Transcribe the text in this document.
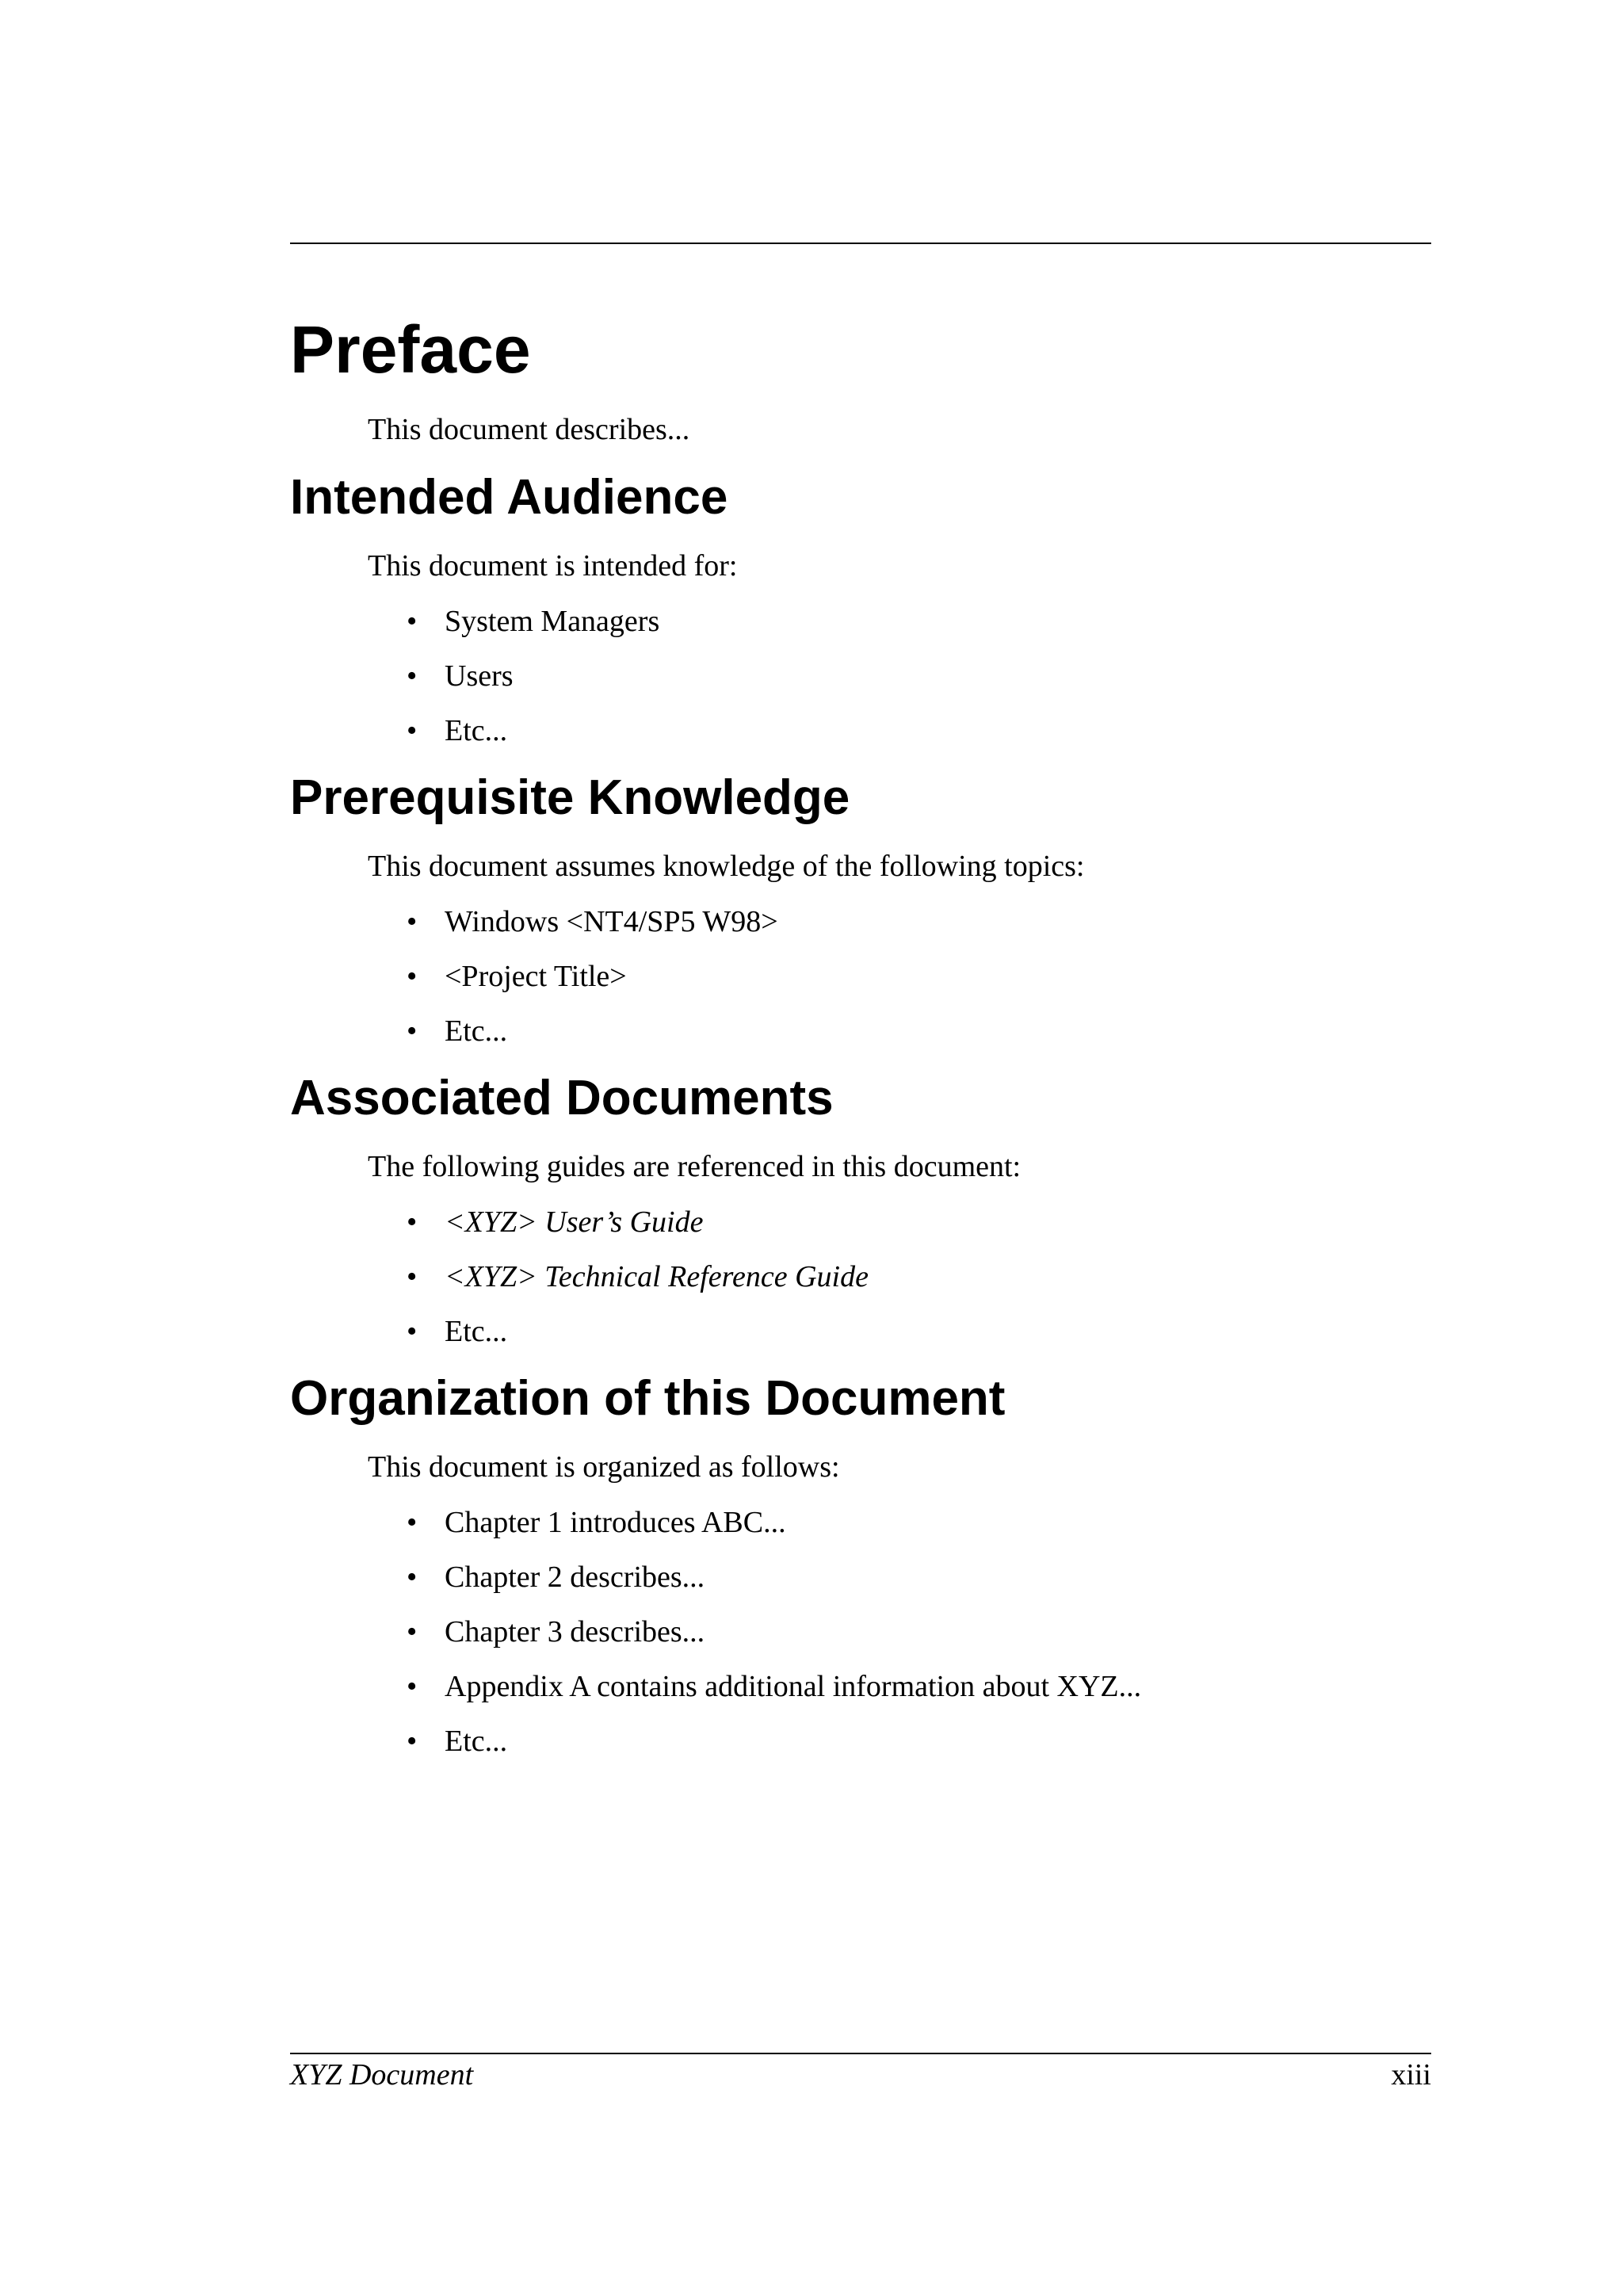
Preface

This document describes...

Intended Audience

This document is intended for:

• System Managers
• Users
• Etc...
Prerequisite Knowledge

This document assumes knowledge of the following topics:

• Windows <NT4/SP5 W98>
• <Project Title>
• Etc...
Associated Documents

The following guides are referenced in this document:

• <XYZ> User’s Guide
• <XYZ> Technical Reference Guide
• Etc...
Organization of this Document

This document is organized as follows:

• Chapter 1 introduces ABC...
• Chapter 2 describes...
• Chapter 3 describes...
• Appendix A contains additional information about XYZ...
• Etc...
XYZ Document	xiii
